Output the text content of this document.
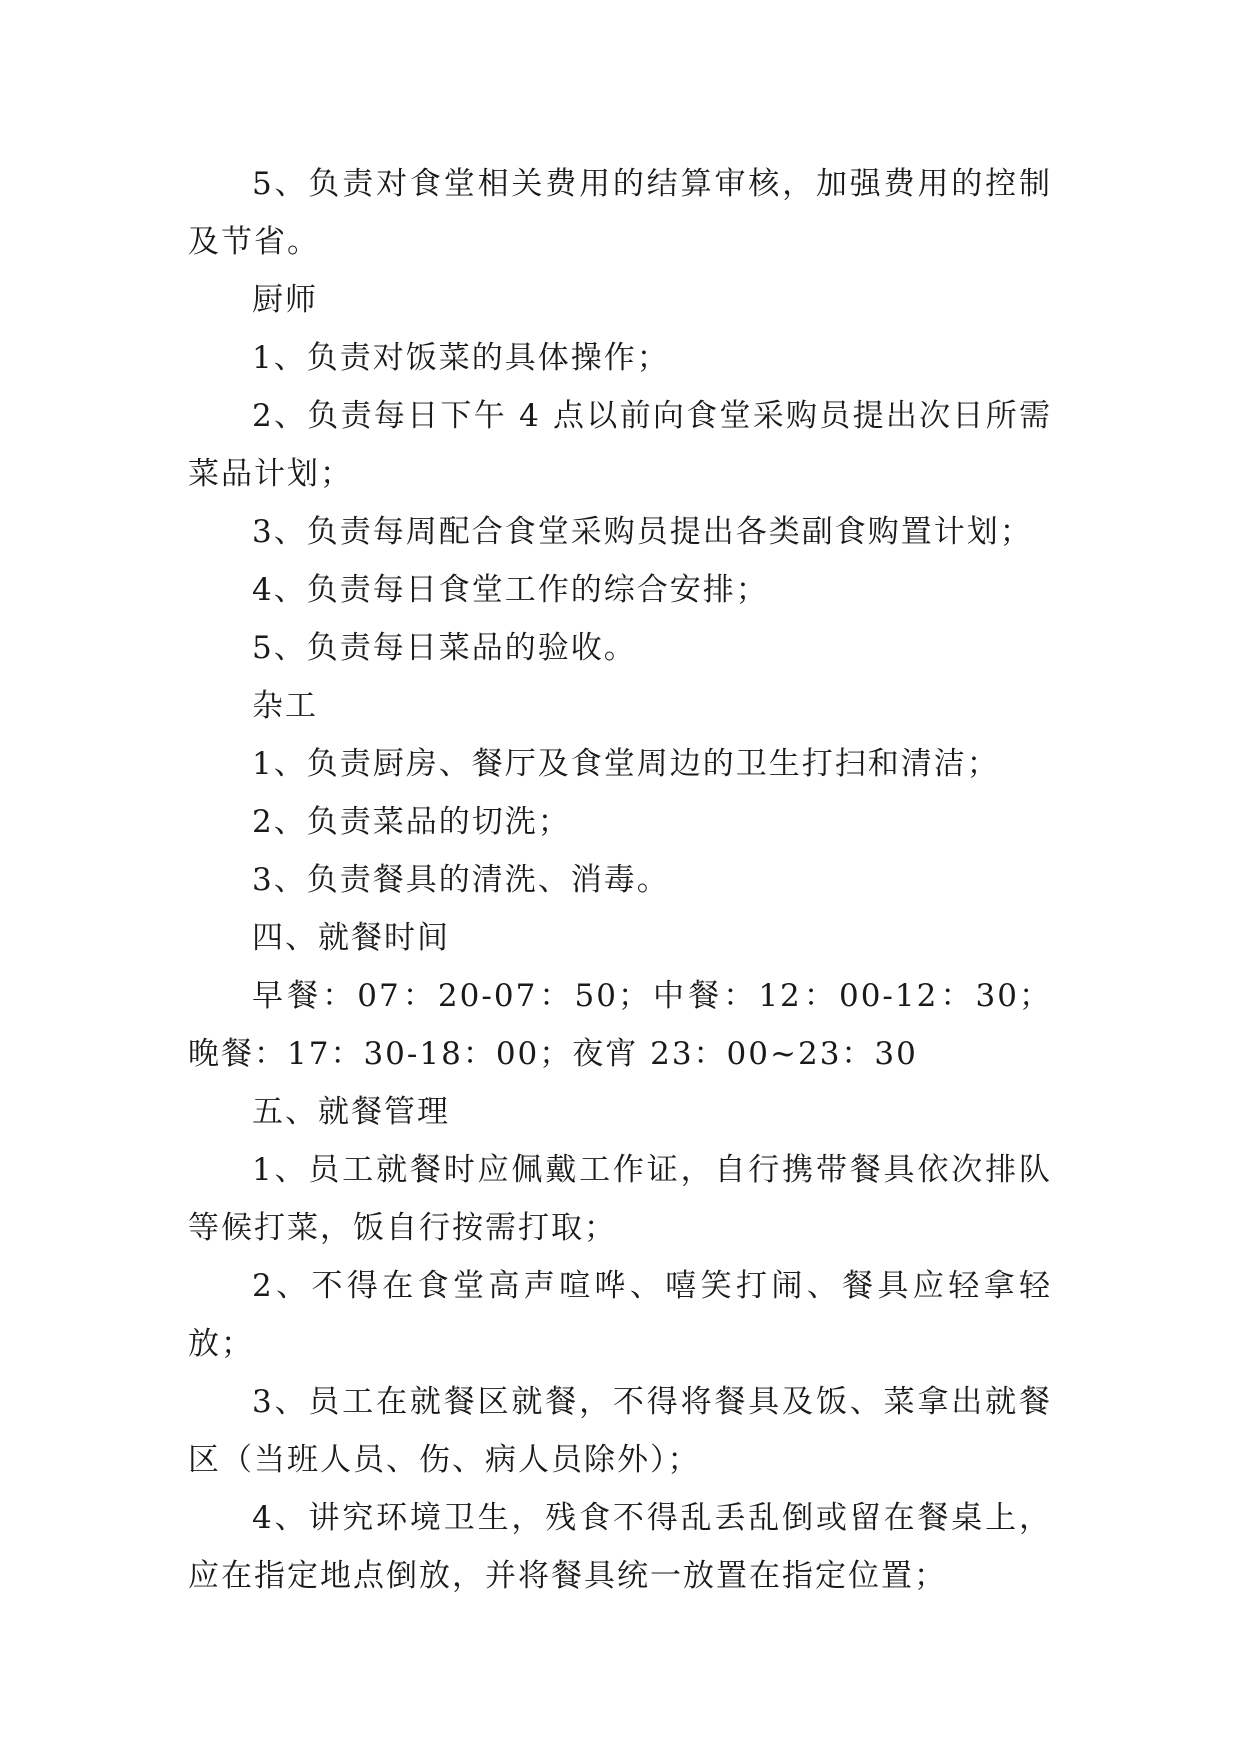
5、负责对食堂相关费用的结算审核，加强费用的控制及节省。

厨师

1、负责对饭菜的具体操作；

2、负责每日下午 4 点以前向食堂采购员提出次日所需菜品计划；

3、负责每周配合食堂采购员提出各类副食购置计划；

4、负责每日食堂工作的综合安排；

5、负责每日菜品的验收。

杂工

1、负责厨房、餐厅及食堂周边的卫生打扫和清洁；

2、负责菜品的切洗；

3、负责餐具的清洗、消毒。

四、就餐时间

早餐：07：20-07：50；中餐：12：00-12：30；晚餐：17：30-18：00；夜宵 23：00~23：30

五、就餐管理

1、员工就餐时应佩戴工作证，自行携带餐具依次排队等候打菜，饭自行按需打取；

2、不得在食堂高声喧哗、嘻笑打闹、餐具应轻拿轻放；

3、员工在就餐区就餐，不得将餐具及饭、菜拿出就餐区（当班人员、伤、病人员除外）；

4、讲究环境卫生，残食不得乱丢乱倒或留在餐桌上，应在指定地点倒放，并将餐具统一放置在指定位置；
